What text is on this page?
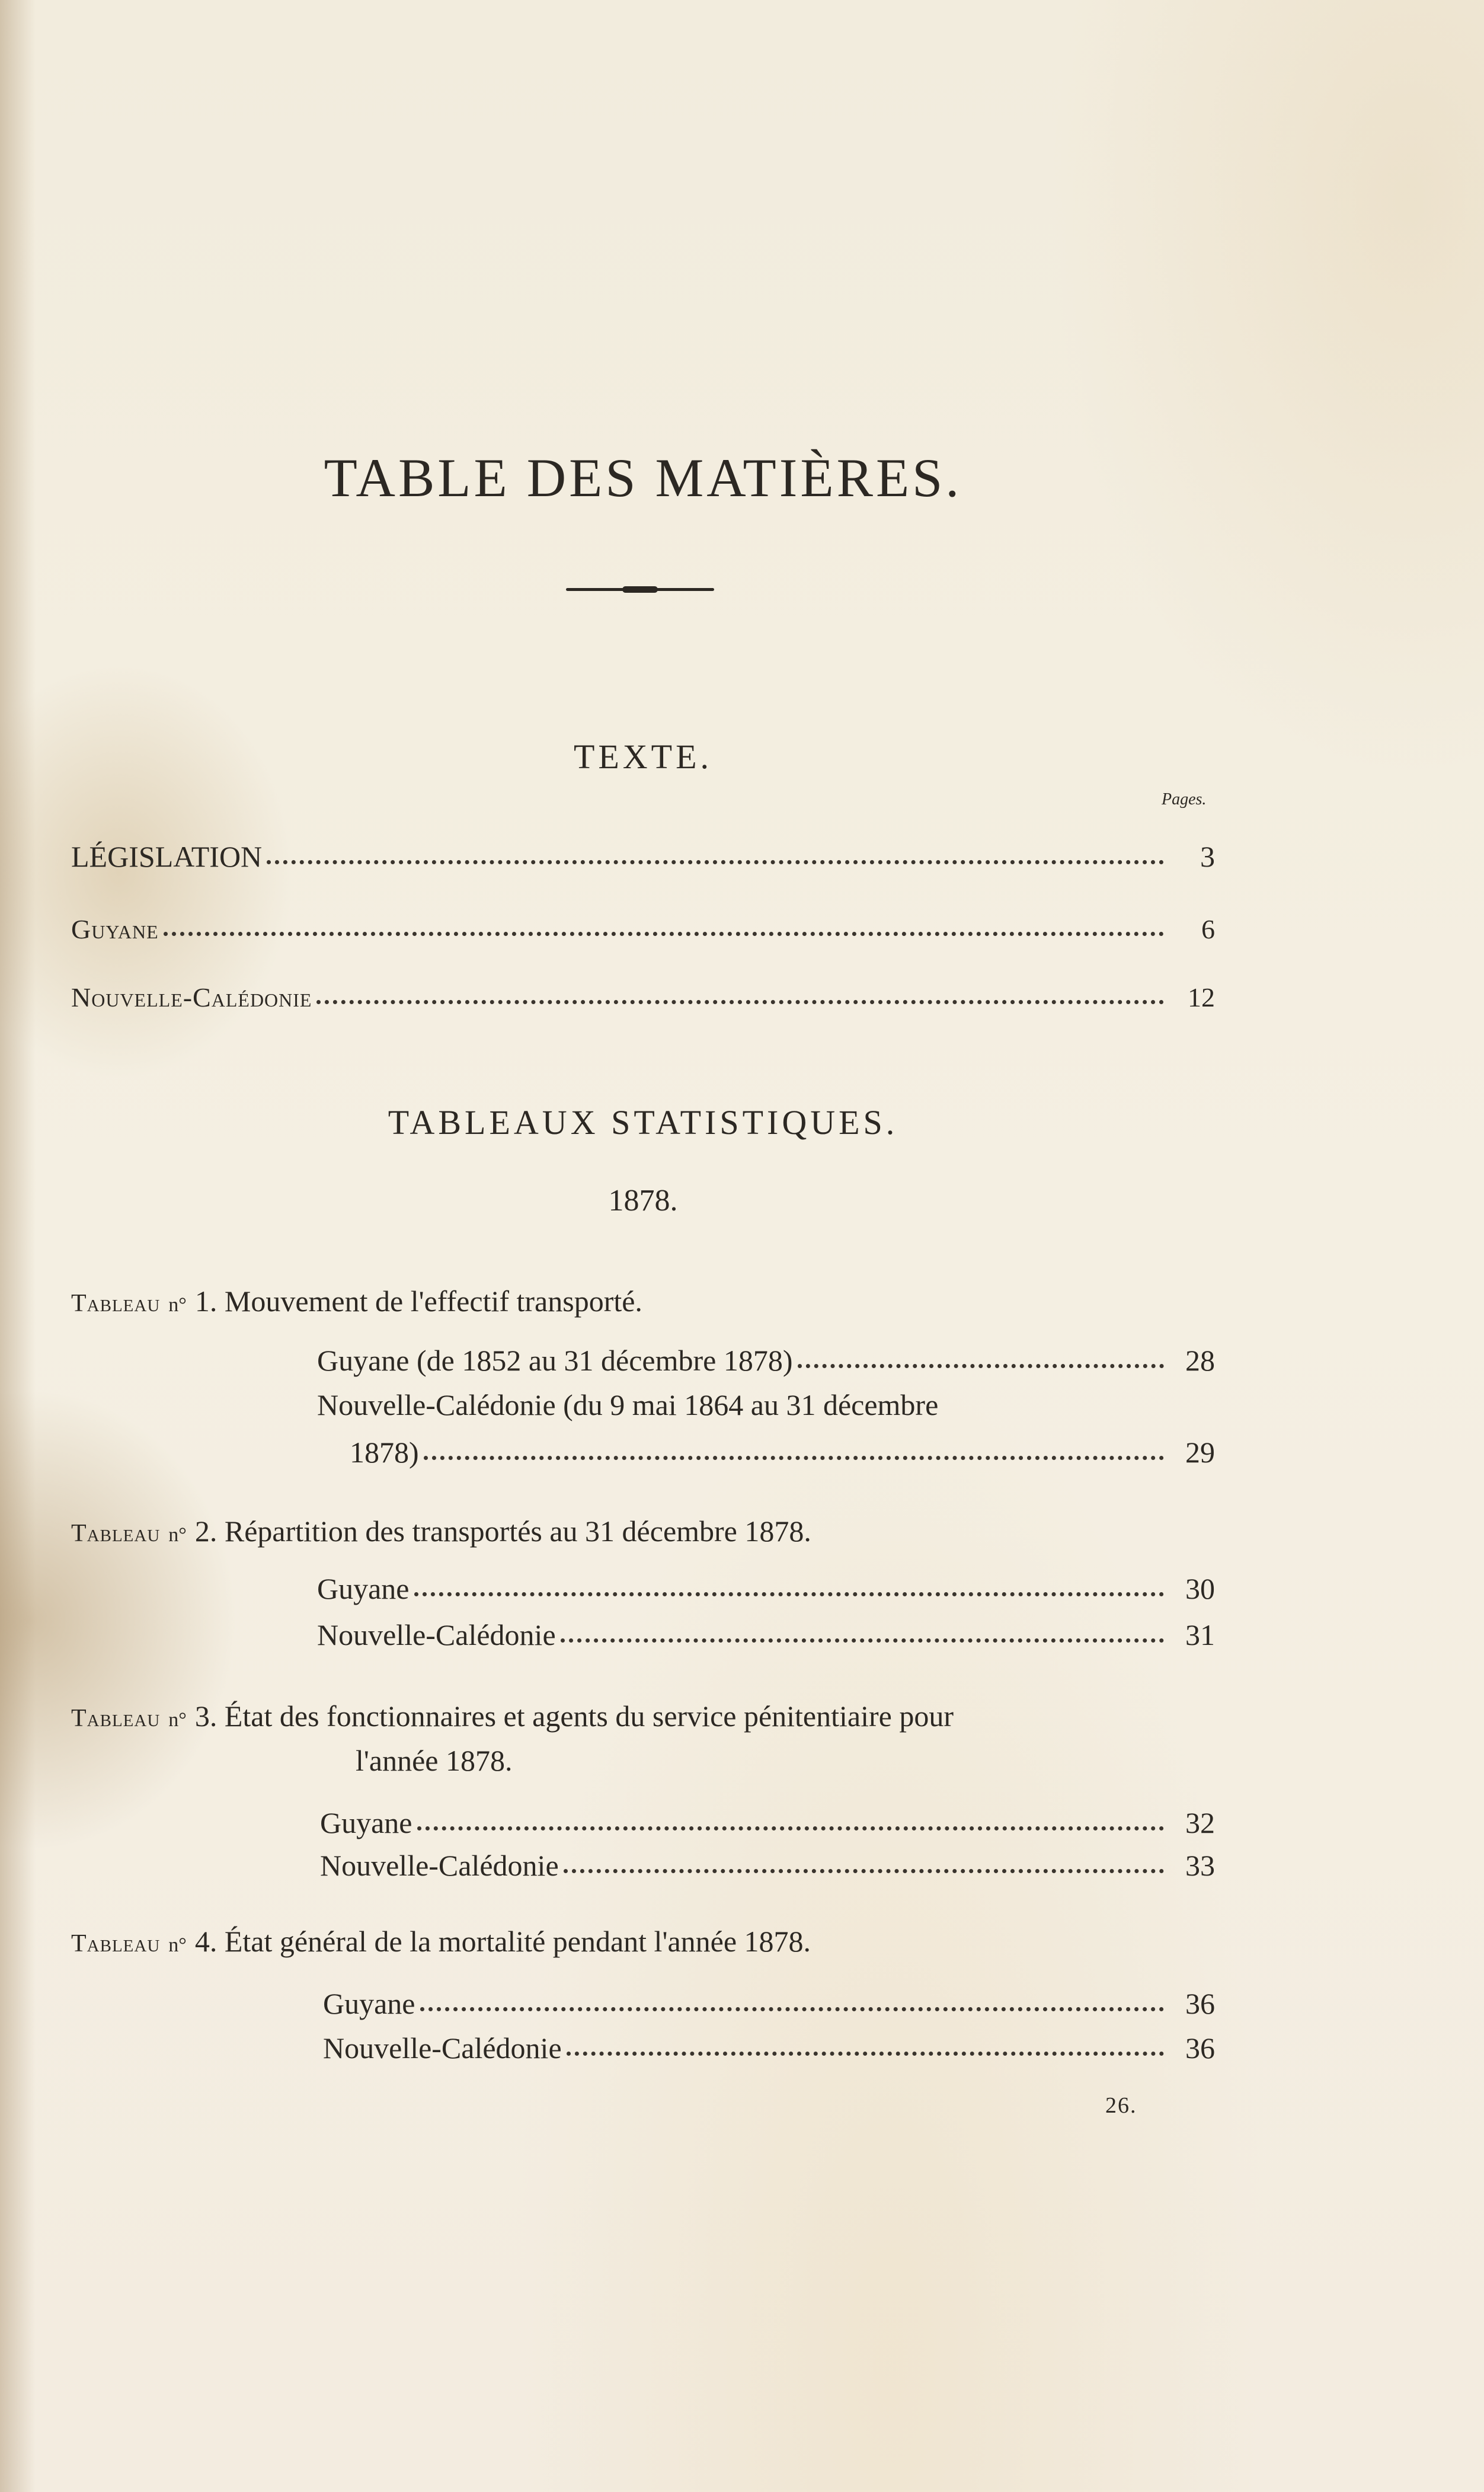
TABLE DES MATIÈRES.
TEXTE.
Pages.
LÉGISLATION	3
Guyane	6
Nouvelle-Calédonie	12
TABLEAUX STATISTIQUES.
1878.
Tableau n° 1. Mouvement de l'effectif transporté.
Guyane (de 1852 au 31 décembre 1878)	28
Nouvelle-Calédonie (du 9 mai 1864 au 31 décembre
1878)	29
Tableau n° 2. Répartition des transportés au 31 décembre 1878.
Guyane	30
Nouvelle-Calédonie	31
Tableau n° 3. État des fonctionnaires et agents du service pénitentiaire pour
l'année 1878.
Guyane	32
Nouvelle-Calédonie	33
Tableau n° 4. État général de la mortalité pendant l'année 1878.
Guyane	36
Nouvelle-Calédonie	36
26.
